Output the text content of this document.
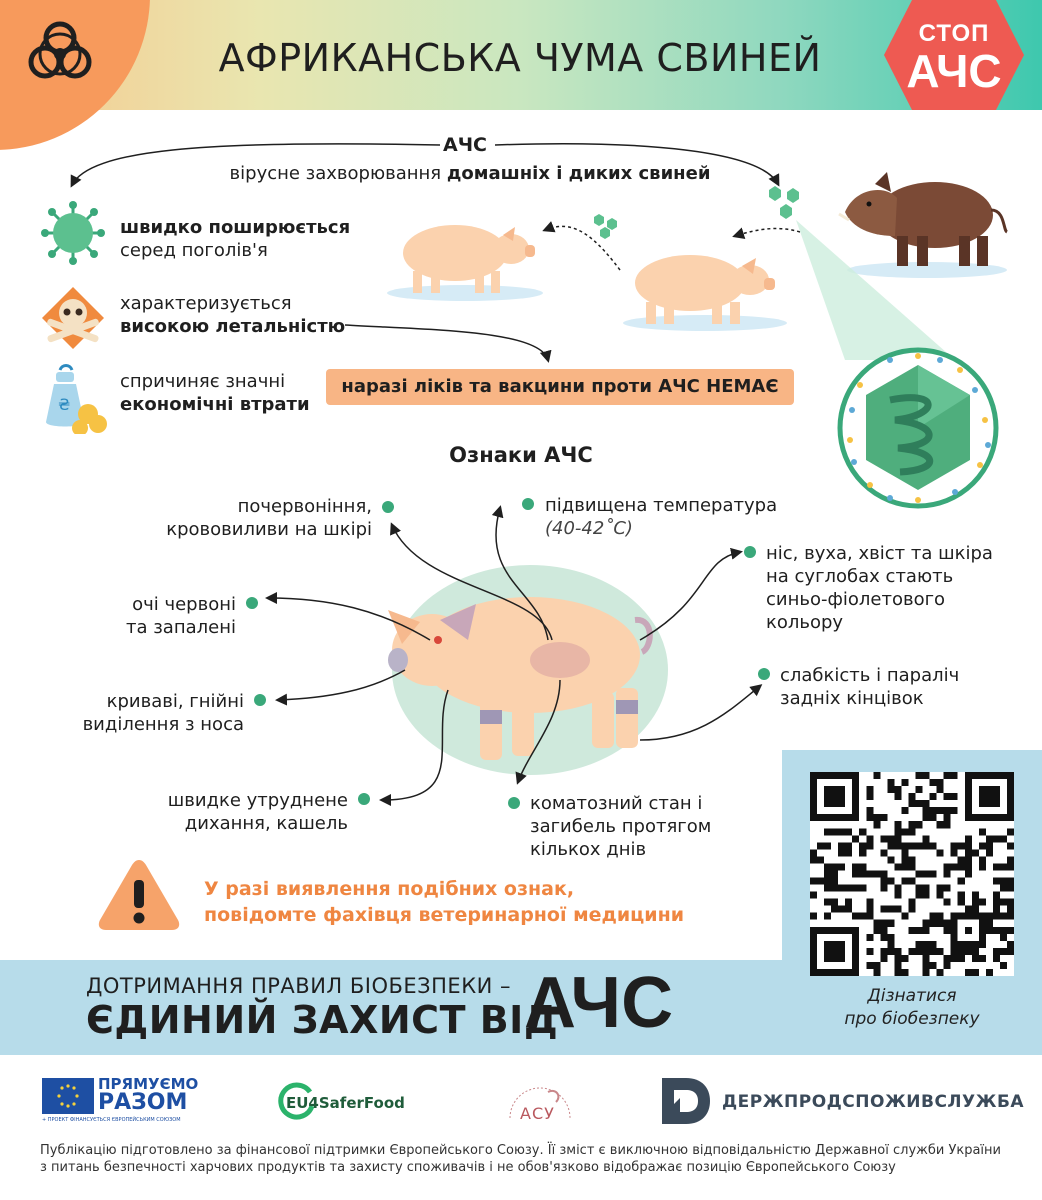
АФРИКАНСЬКА ЧУМА СВИНЕЙ
СТОП
АЧС
АЧС
вірусне захворювання домашніх і диких свиней
швидко поширюється
серед поголів'я
характеризується
високою летальністю
₴
спричиняє значні
економічні втрати
наразі ліків та вакцини проти АЧС НЕМАЄ
Ознаки АЧС
почервоніння,
крововиливи на шкірі
підвищена температура
(40-42˚C)
очі червоні
та запалені
криваві, гнійні
виділення з носа
швидке утруднене
дихання, кашель
ніс, вуха, хвіст та шкіра
на суглобах стають
синьо-фіолетового
кольору
слабкість і параліч
задніх кінцівок
коматозний стан і
загибель протягом
кількох днів
У разі виявлення подібних ознак,
повідомте фахівця ветеринарної медицини
ДОТРИМАННЯ ПРАВИЛ БІОБЕЗПЕКИ –
ЄДИНИЙ ЗАХИСТ ВІД
АЧС	Дізнатися
про біобезпеку
ПРЯМУЄМО
РАЗОМ
+ ПРОЕКТ ФІНАНСУЄТЬСЯ ЄВРОПЕЙСЬКИМ СОЮЗОМ
EU4SaferFood
АСУ
ДЕРЖПРОДСПОЖИВСЛУЖБА
Публікацію підготовлено за фінансової підтримки Європейського Союзу. Її зміст є виключною відповідальністю Державної служби України
з питань безпечності харчових продуктів та захисту споживачів і не обов'язково відображає позицію Європейського Союзу
